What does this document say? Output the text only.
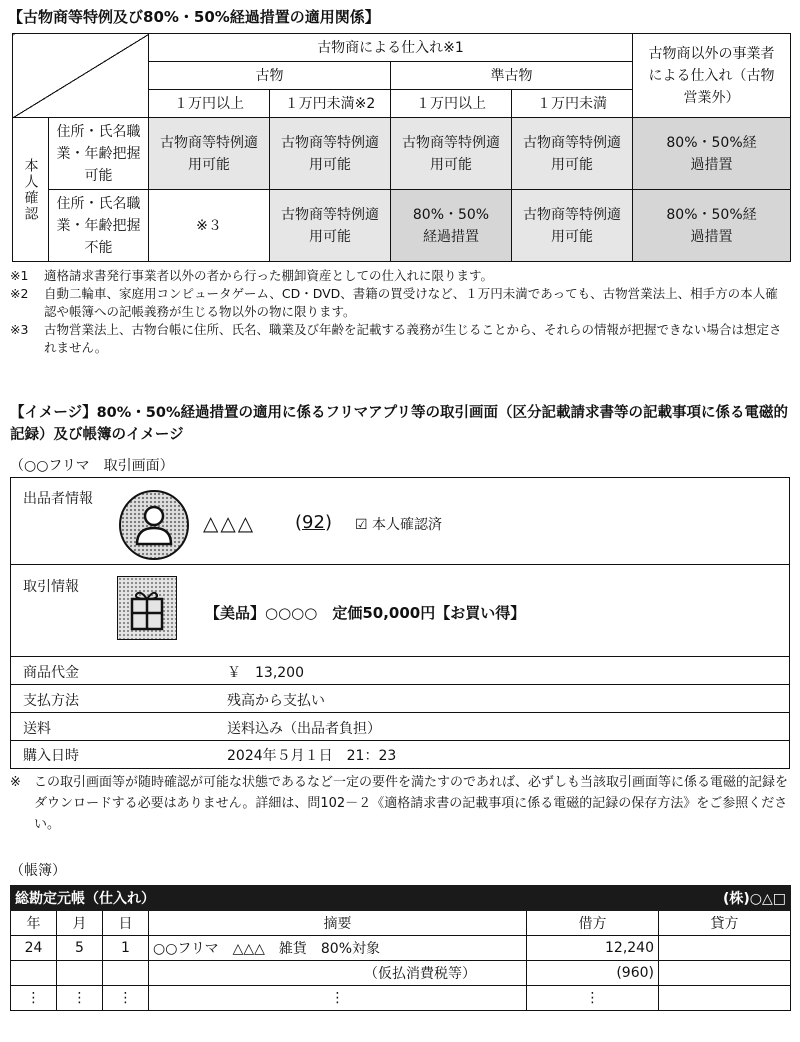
【古物商等特例及び80%・50%経過措置の適用関係】
		古物商による仕入れ※1				古物商以外の事業者による仕入れ（古物営業外）
		古物		準古物		
		１万円以上	１万円未満※2	１万円以上	１万円未満	
本人確認	住所・氏名職業・年齢把握可能	古物商等特例適用可能	古物商等特例適用可能	古物商等特例適用可能	古物商等特例適用可能	80%・50%経過措置
	住所・氏名職業・年齢把握不能	※３	古物商等特例適用可能	80%・50%経過措置	古物商等特例適用可能	80%・50%経過措置
※1	適格請求書発行事業者以外の者から行った棚卸資産としての仕入れに限ります。
※2	自動二輪車、家庭用コンピュータゲーム、CD・DVD、書籍の買受けなど、１万円未満であっても、古物営業法上、相手方の本人確認や帳簿への記帳義務が生じる物以外の物に限ります。
※3	古物営業法上、古物台帳に住所、氏名、職業及び年齢を記載する義務が生じることから、それらの情報が把握できない場合は想定されません。
【イメージ】80%・50%経過措置の適用に係るフリマアプリ等の取引画面（区分記載請求書等の記載事項に係る電磁的記録）及び帳簿のイメージ
（○○フリマ　取引画面）
出品者情報
△△△ (92) ☑ 本人確認済
取引情報
【美品】○○○○　定価50,000円【お買い得】
商品代金	￥　13,200
支払方法	残高から支払い
送料	送料込み（出品者負担）
購入日時	2024年５月１日　21：23
※	この取引画面等が随時確認が可能な状態であるなど一定の要件を満たすのであれば、必ずしも当該取引画面等に係る電磁的記録をダウンロードする必要はありません。詳細は、問102－２《適格請求書の記載事項に係る電磁的記録の保存方法》をご参照ください。
（帳簿）
総勘定元帳（仕入れ）				(株)○△□	
年	月	日	摘要	借方	貸方
24	5	1	○○フリマ　△△△　雑貨　80%対象	12,240	
			（仮払消費税等）	(960)	
⋮	⋮	⋮	⋮	⋮	
